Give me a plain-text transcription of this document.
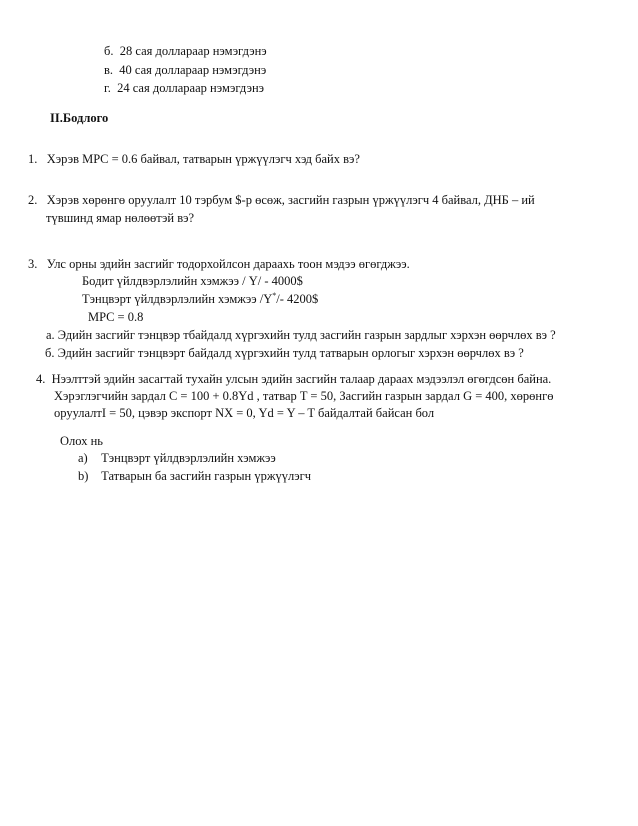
б. 28 сая доллараар нэмэгдэнэ
в. 40 сая доллараар нэмэгдэнэ
г. 24 сая доллараар нэмэгдэнэ
II.Бодлого
1. Хэрэв MPC = 0.6 байвал, татварын үржүүлэгч хэд байх вэ?
2. Хэрэв хөрөнгө оруулалт 10 тэрбум $-р өсөж, засгийн газрын үржүүлэгч 4 байвал, ДНБ – ий
түвшинд ямар нөлөөтэй вэ?
3. Улс орны эдийн засгийг тодорхойлсон дараахь тоон мэдээ өгөгджээ.
Бодит үйлдвэрлэлийн хэмжээ / Y/ - 4000$
Тэнцвэрт үйлдвэрлэлийн хэмжээ /Y*/- 4200$
MPC = 0.8
а. Эдийн засгийг тэнцвэр тбайдалд хүргэхийн тулд засгийн газрын зардлыг хэрхэн өөрчлөх вэ ?
б. Эдийн засгийг тэнцвэрт байдалд хүргэхийн тулд татварын орлогыг хэрхэн өөрчлөх вэ ?
4. Нээлттэй эдийн засагтай тухайн улсын эдийн засгийн талаар дараах мэдээлэл өгөгдсөн байна.
Хэрэглэгчийн зардал C = 100 + 0.8Yd , татвар T = 50, Засгийн газрын зардал G = 400, хөрөнгө
оруулалтI = 50, цэвэр экспорт NX = 0, Yd = Y – T байдалтай байсан бол
Олох нь
a) Тэнцвэрт үйлдвэрлэлийн хэмжээ
b) Татварын ба засгийн газрын үржүүлэгч
